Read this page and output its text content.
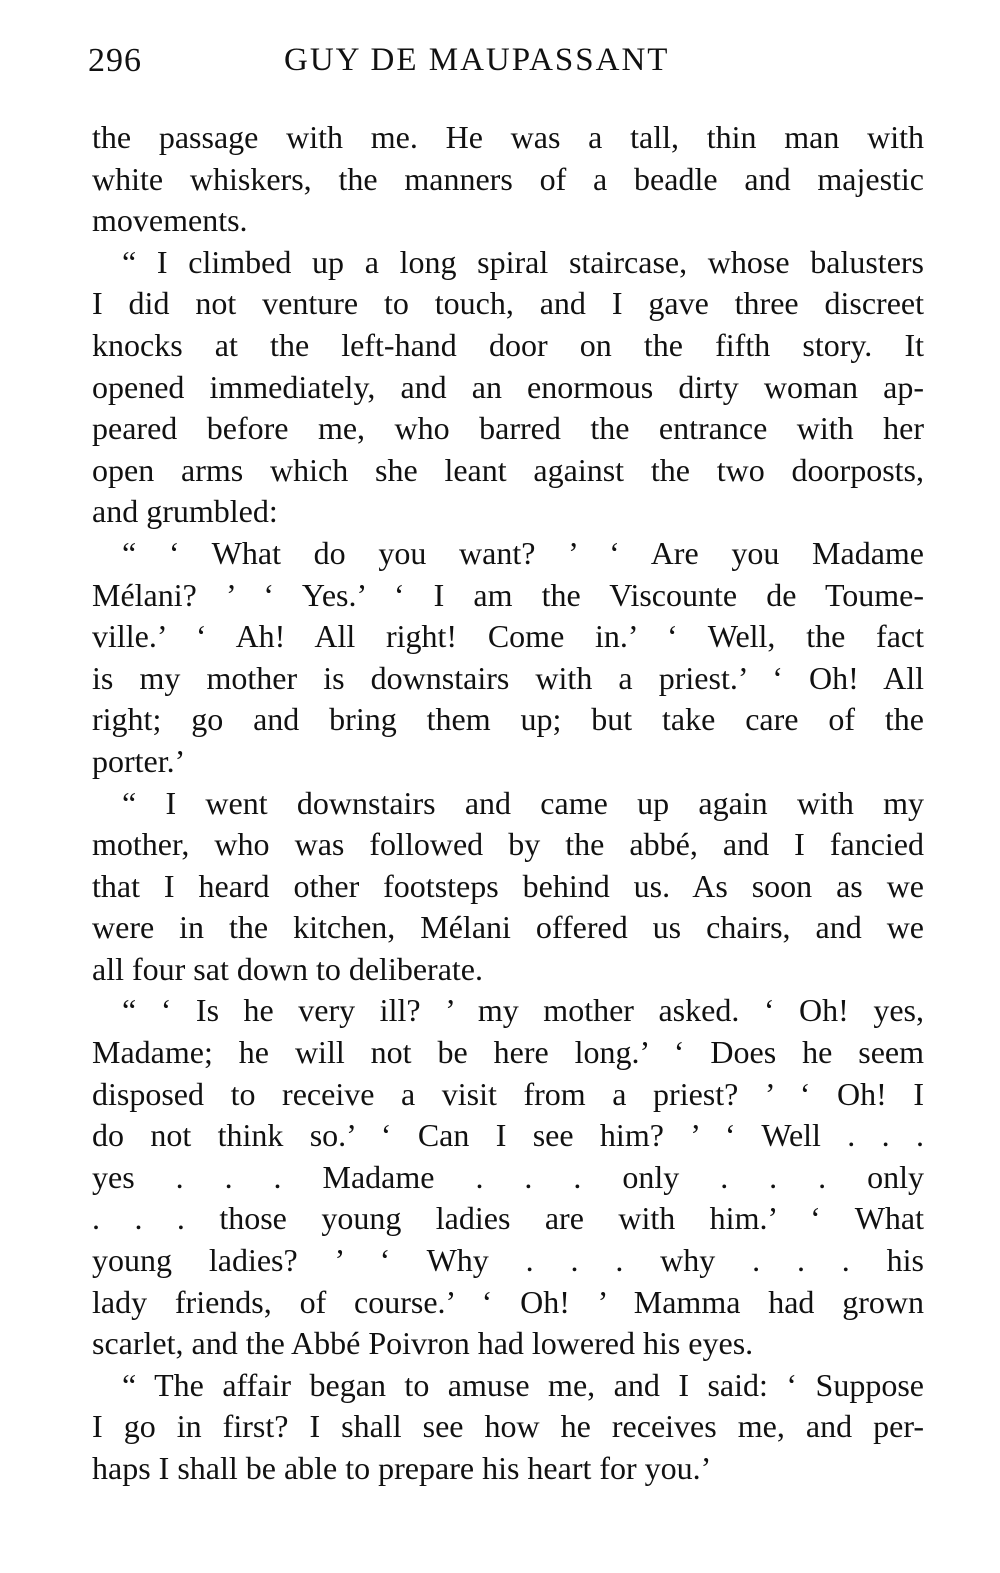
296	GUY DE MAUPASSANT
the passage with me. He was a tall, thin man with
white whiskers, the manners of a beadle and majestic
movements.
“ I climbed up a long spiral staircase, whose balusters
I did not venture to touch, and I gave three discreet
knocks at the left-hand door on the fifth story. It
opened immediately, and an enormous dirty woman ap-
peared before me, who barred the entrance with her
open arms which she leant against the two doorposts,
and grumbled:
“ ‘ What do you want? ’ ‘ Are you Madame
Mélani? ’ ‘ Yes.’ ‘ I am the Viscounte de Toume-
ville.’ ‘ Ah! All right! Come in.’ ‘ Well, the fact
is my mother is downstairs with a priest.’ ‘ Oh! All
right; go and bring them up; but take care of the
porter.’
“ I went downstairs and came up again with my
mother, who was followed by the abbé, and I fancied
that I heard other footsteps behind us. As soon as we
were in the kitchen, Mélani offered us chairs, and we
all four sat down to deliberate.
“ ‘ Is he very ill? ’ my mother asked. ‘ Oh! yes,
Madame; he will not be here long.’ ‘ Does he seem
disposed to receive a visit from a priest? ’ ‘ Oh! I
do not think so.’ ‘ Can I see him? ’ ‘ Well . . .
yes . . . Madame . . . only . . . only
. . . those young ladies are with him.’ ‘ What
young ladies? ’ ‘ Why . . . why . . . his
lady friends, of course.’ ‘ Oh! ’ Mamma had grown
scarlet, and the Abbé Poivron had lowered his eyes.
“ The affair began to amuse me, and I said: ‘ Suppose
I go in first? I shall see how he receives me, and per-
haps I shall be able to prepare his heart for you.’
